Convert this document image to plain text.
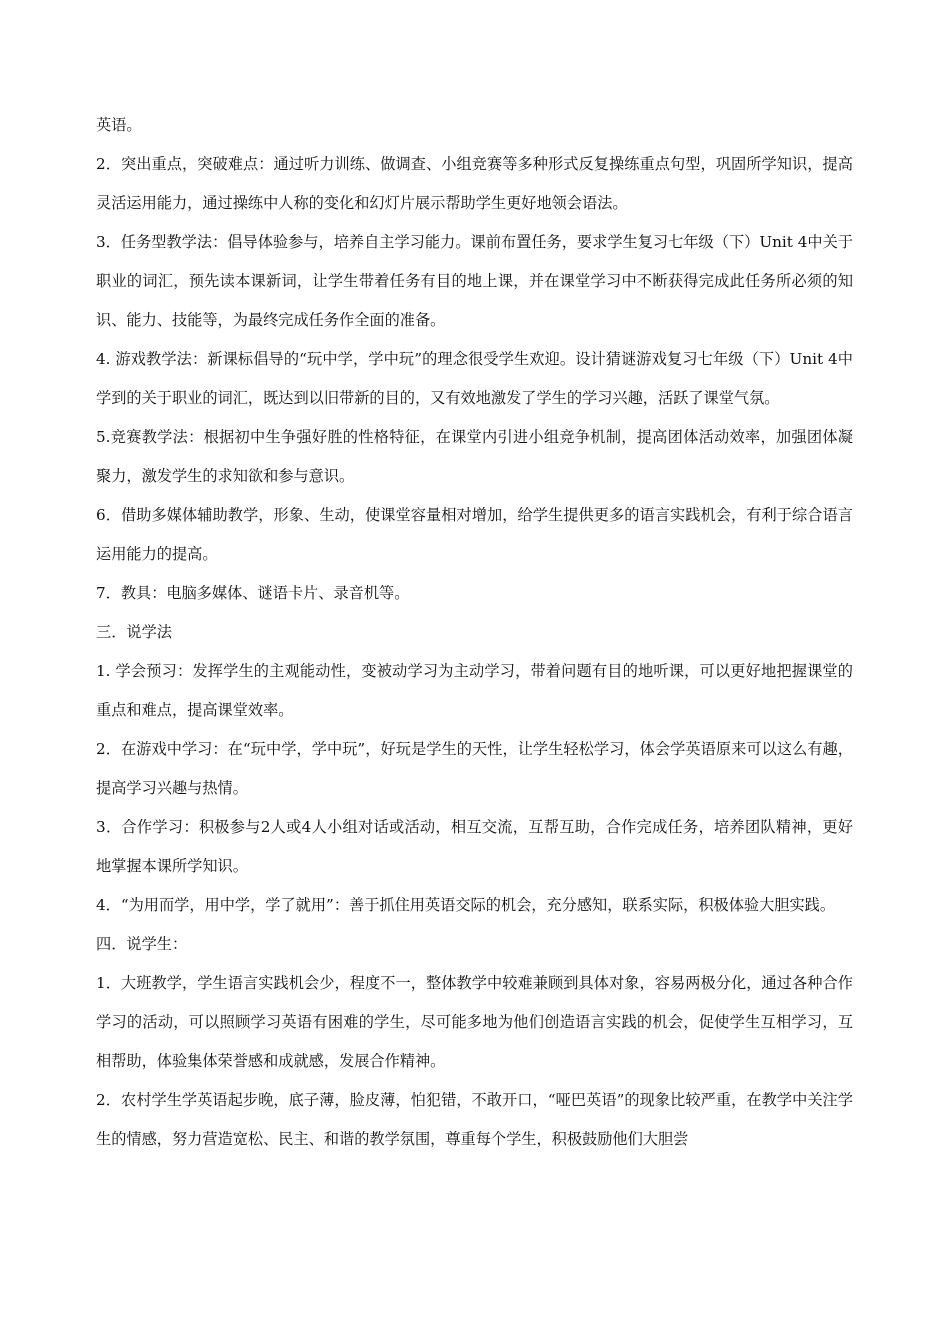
英语。

2．突出重点，突破难点：通过听力训练、做调查、小组竞赛等多种形式反复操练重点句型，巩固所学知识，提高灵活运用能力，通过操练中人称的变化和幻灯片展示帮助学生更好地领会语法。

3．任务型教学法：倡导体验参与，培养自主学习能力。课前布置任务，要求学生复习七年级（下）Unit 4中关于职业的词汇，预先读本课新词，让学生带着任务有目的地上课，并在课堂学习中不断获得完成此任务所必须的知识、能力、技能等，为最终完成任务作全面的准备。

4. 游戏教学法：新课标倡导的“玩中学，学中玩”的理念很受学生欢迎。设计猜谜游戏复习七年级（下）Unit 4中学到的关于职业的词汇，既达到以旧带新的目的，又有效地激发了学生的学习兴趣，活跃了课堂气氛。

5.竞赛教学法：根据初中生争强好胜的性格特征，在课堂内引进小组竞争机制，提高团体活动效率，加强团体凝聚力，激发学生的求知欲和参与意识。

6．借助多媒体辅助教学，形象、生动，使课堂容量相对增加，给学生提供更多的语言实践机会，有利于综合语言运用能力的提高。

7．教具：电脑多媒体、谜语卡片、录音机等。

三．说学法

1. 学会预习：发挥学生的主观能动性，变被动学习为主动学习，带着问题有目的地听课，可以更好地把握课堂的重点和难点，提高课堂效率。

2．在游戏中学习：在“玩中学，学中玩”，好玩是学生的天性，让学生轻松学习，体会学英语原来可以这么有趣，提高学习兴趣与热情。

3．合作学习：积极参与2人或4人小组对话或活动，相互交流，互帮互助，合作完成任务，培养团队精神，更好地掌握本课所学知识。

4．“为用而学，用中学，学了就用”：善于抓住用英语交际的机会，充分感知，联系实际，积极体验大胆实践。

四．说学生：

1．大班教学，学生语言实践机会少，程度不一，整体教学中较难兼顾到具体对象，容易两极分化，通过各种合作学习的活动，可以照顾学习英语有困难的学生，尽可能多地为他们创造语言实践的机会，促使学生互相学习，互相帮助，体验集体荣誉感和成就感，发展合作精神。

2．农村学生学英语起步晚，底子薄，脸皮薄，怕犯错，不敢开口，“哑巴英语”的现象比较严重，在教学中关注学生的情感，努力营造宽松、民主、和谐的教学氛围，尊重每个学生，积极鼓励他们大胆尝
